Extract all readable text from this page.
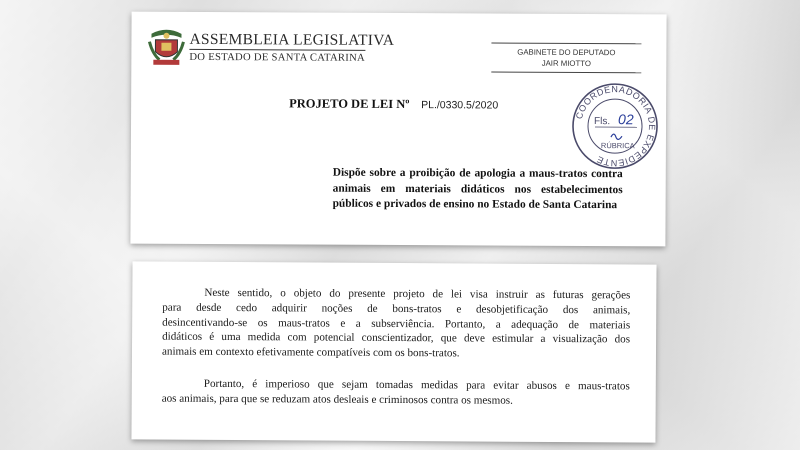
ASSEMBLEIA LEGISLATIVA
DO ESTADO DE SANTA CATARINA	GABINETE DO DEPUTADO
JAIR MIOTTO
PROJETO DE LEI Nº PL./0330.5/2020
COORDENADORIA DE EXPEDIENTE
Fls. 02
RÚBRICA
Dispõe sobre a proibição de apologia a maus-tratos contra animais em materiais didáticos nos estabelecimentos públicos e privados de ensino no Estado de Santa Catarina
Neste sentido, o objeto do presente projeto de lei visa instruir as futuras gerações
para desde cedo adquirir noções de bons-tratos e desobjetificação dos animais,
desincentivando-se os maus-tratos e a subserviência. Portanto, a adequação de materiais
didáticos é uma medida com potencial conscientizador, que deve estimular a visualização dos
animais em contexto efetivamente compatíveis com os bons-tratos.
Portanto, é imperioso que sejam tomadas medidas para evitar abusos e maus-tratos
aos animais, para que se reduzam atos desleais e criminosos contra os mesmos.
